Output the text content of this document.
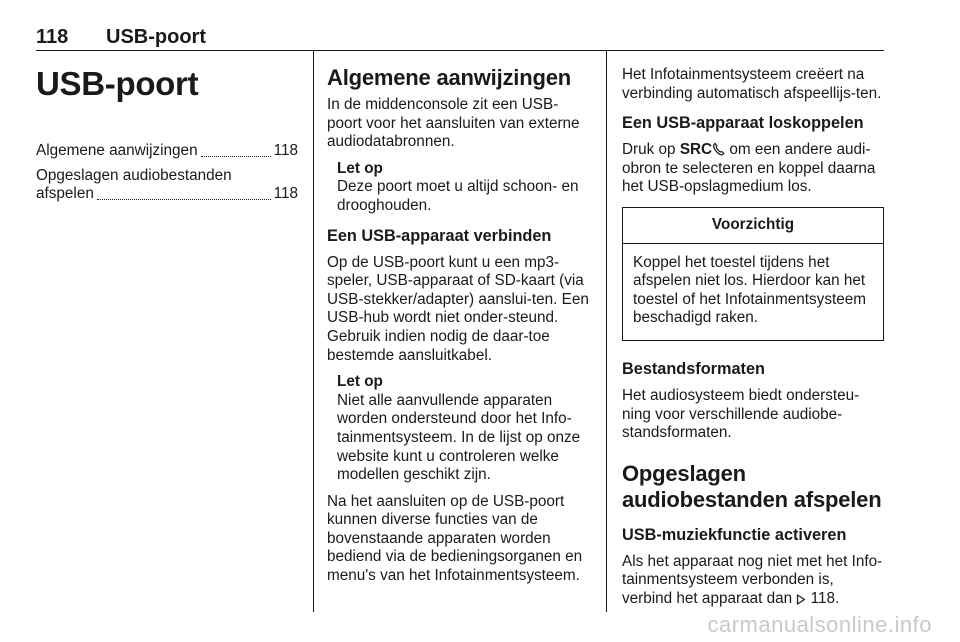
118 USB-poort
USB-poort
Algemene aanwijzingen	118
Opgeslagen audiobestanden
afspelen	118
Algemene aanwijzingen

In de middenconsole zit een USB-poort voor het aansluiten van externe audiodatabronnen.

Let op
Deze poort moet u altijd schoon- en drooghouden.
Een USB-apparaat verbinden

Op de USB-poort kunt u een mp3-speler, USB-apparaat of SD-kaart (via USB-stekker/adapter) aanslui-ten. Een USB-hub wordt niet onder-steund. Gebruik indien nodig de daar-toe bestemde aansluitkabel.

Let op
Niet alle aanvullende apparaten worden ondersteund door het Info-tainmentsysteem. In de lijst op onze website kunt u controleren welke modellen geschikt zijn.

Na het aansluiten op de USB-poort kunnen diverse functies van de bovenstaande apparaten worden bediend via de bedieningsorganen en menu's van het Infotainmentsysteem.

Het Infotainmentsysteem creëert na verbinding automatisch afspeellijs-ten.

Een USB-apparaat loskoppelen

Druk op SRC om een andere audi-obron te selecteren en koppel daarna het USB-opslagmedium los.

Voorzichtig
Koppel het toestel tijdens het afspelen niet los. Hierdoor kan het toestel of het Infotainmentsysteem beschadigd raken.
Bestandsformaten

Het audiosysteem biedt ondersteu-ning voor verschillende audiobe-standsformaten.

Opgeslagen audiobestanden afspelen
USB-muziekfunctie activeren

Als het apparaat nog niet met het Info-tainmentsysteem verbonden is, verbind het apparaat dan  118.

carmanualsonline.info
